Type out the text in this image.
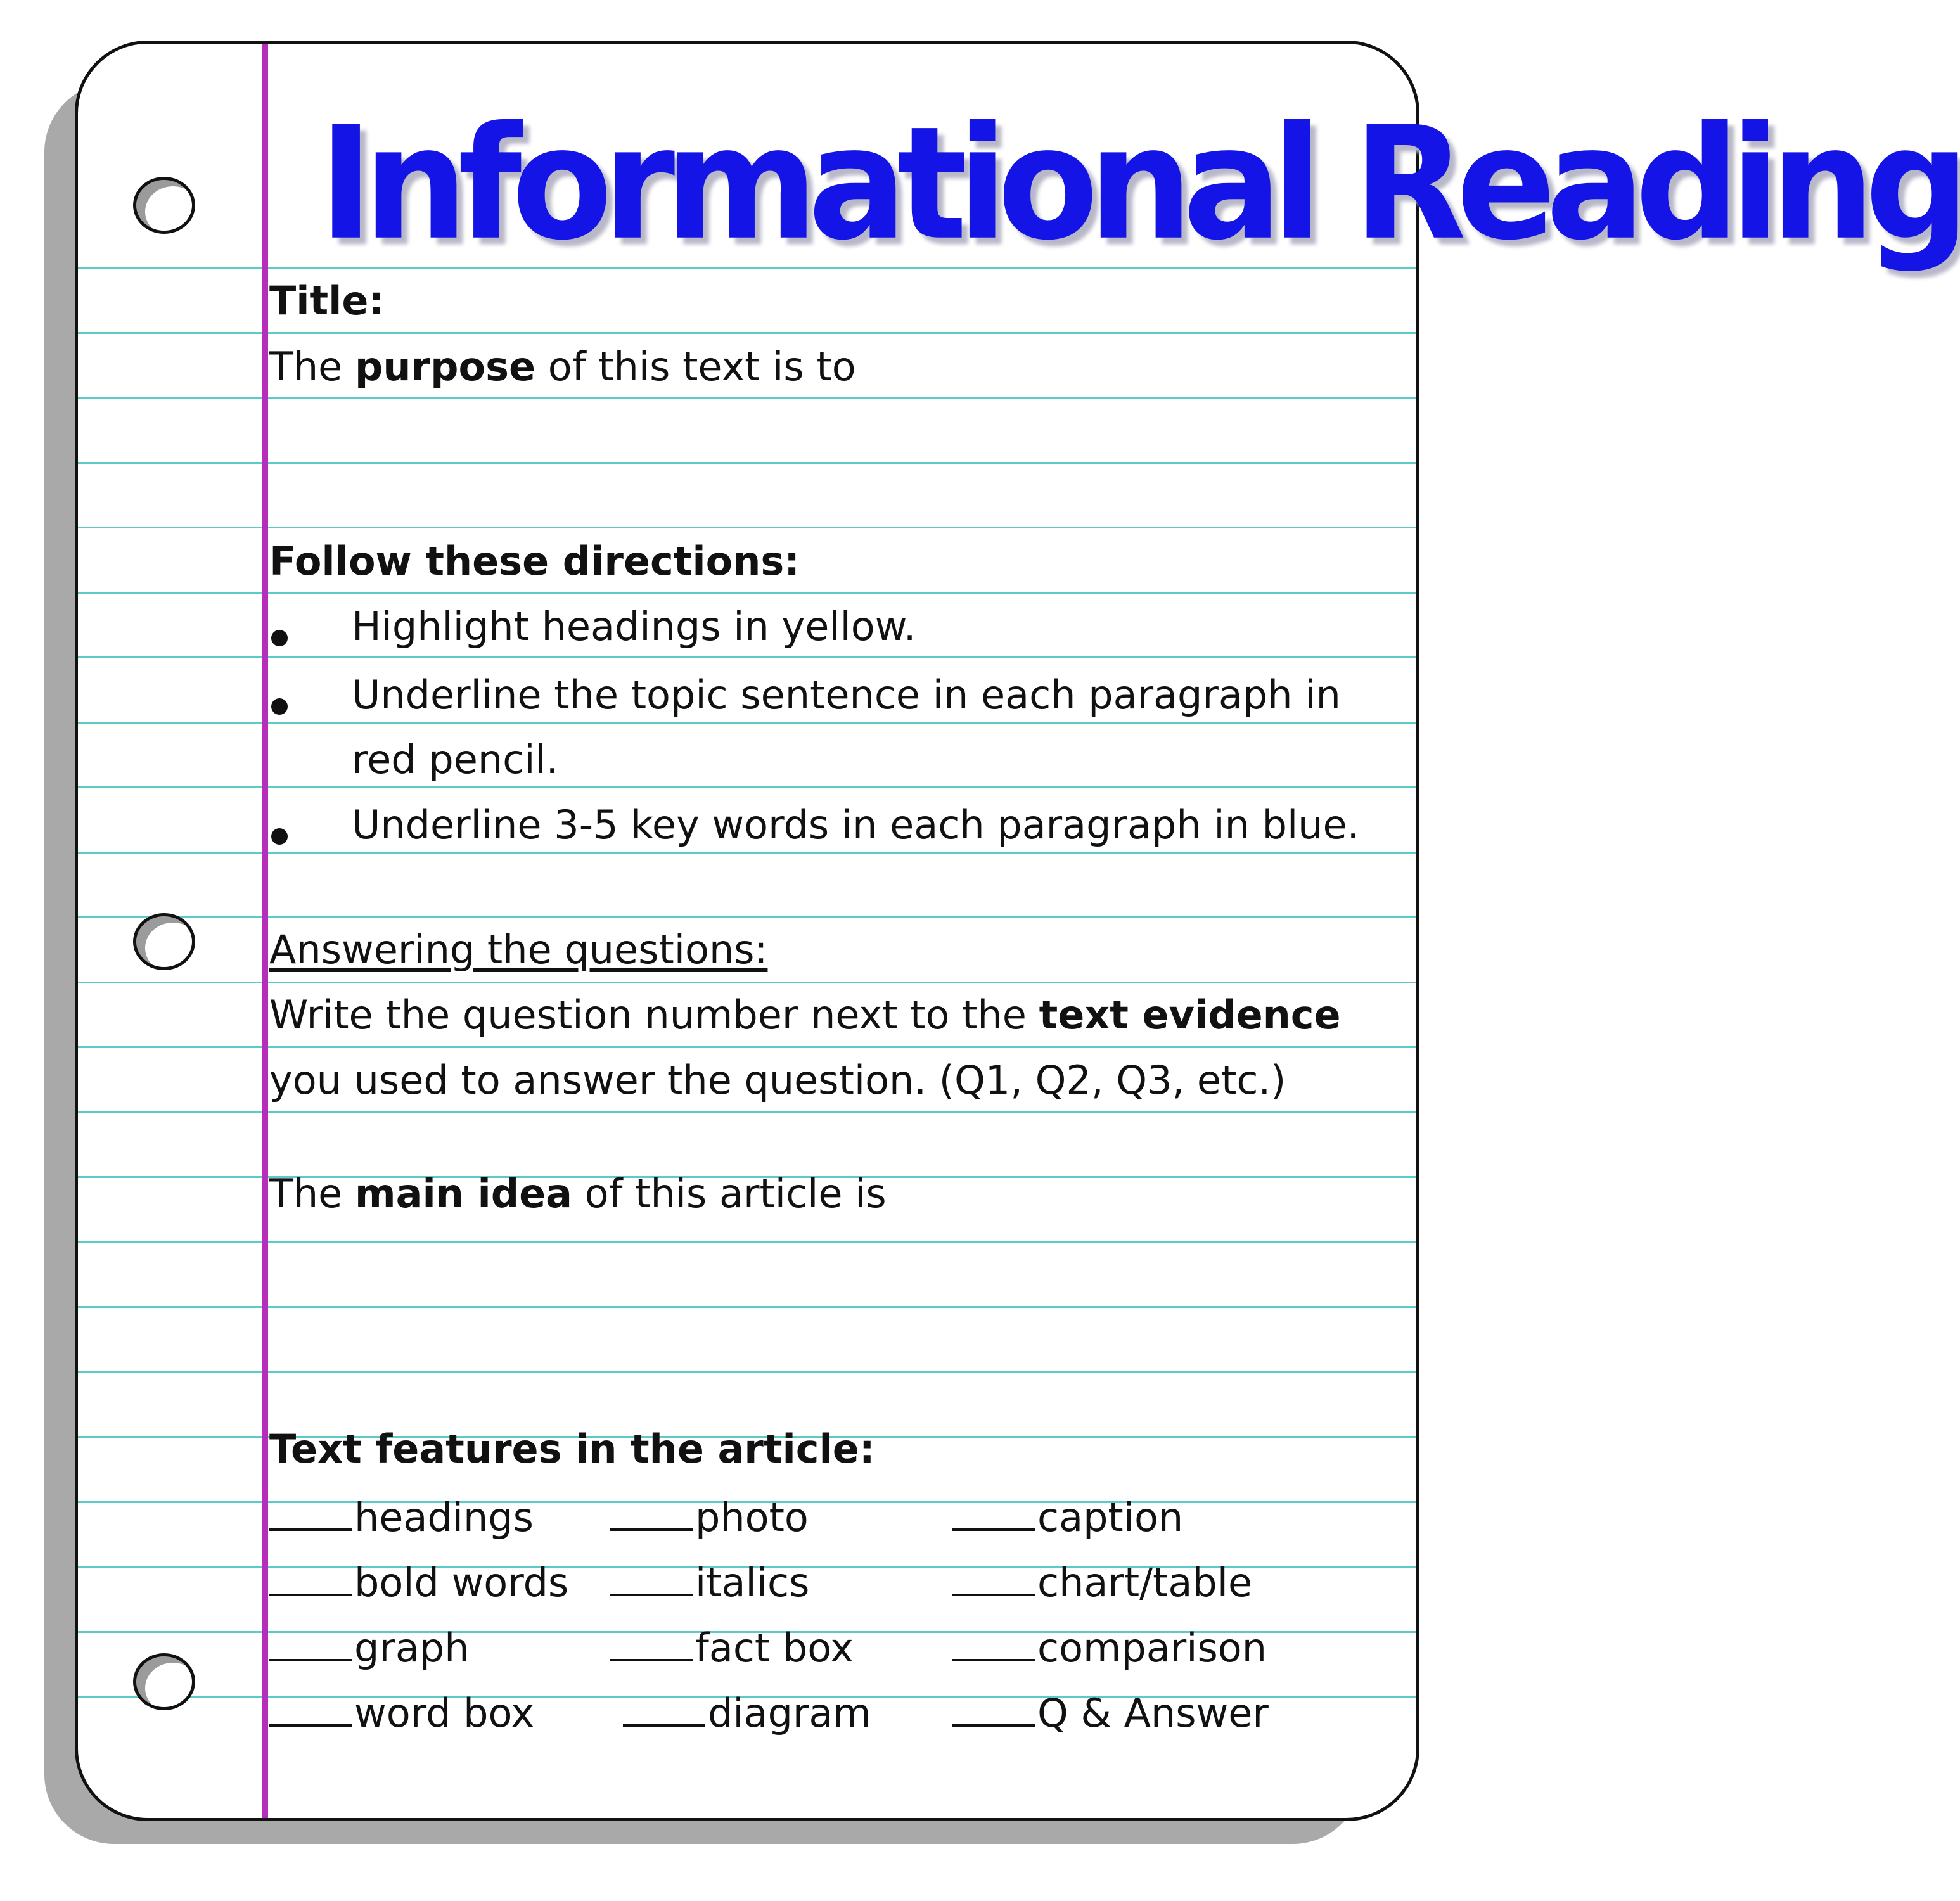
Informational Reading
Title:
The purpose of this text is to
Follow these directions:
Highlight headings in yellow.
Underline the topic sentence in each paragraph in
red pencil.
Underline 3-5 key words in each paragraph in blue.
Answering the questions:
Write the question number next to the text evidence
you used to answer the question. (Q1, Q2, Q3, etc.)
The main idea of this article is
Text features in the article:
headings	photo	caption
bold words	italics	chart/table
graph	fact box	comparison
word box	diagram	Q & Answer
